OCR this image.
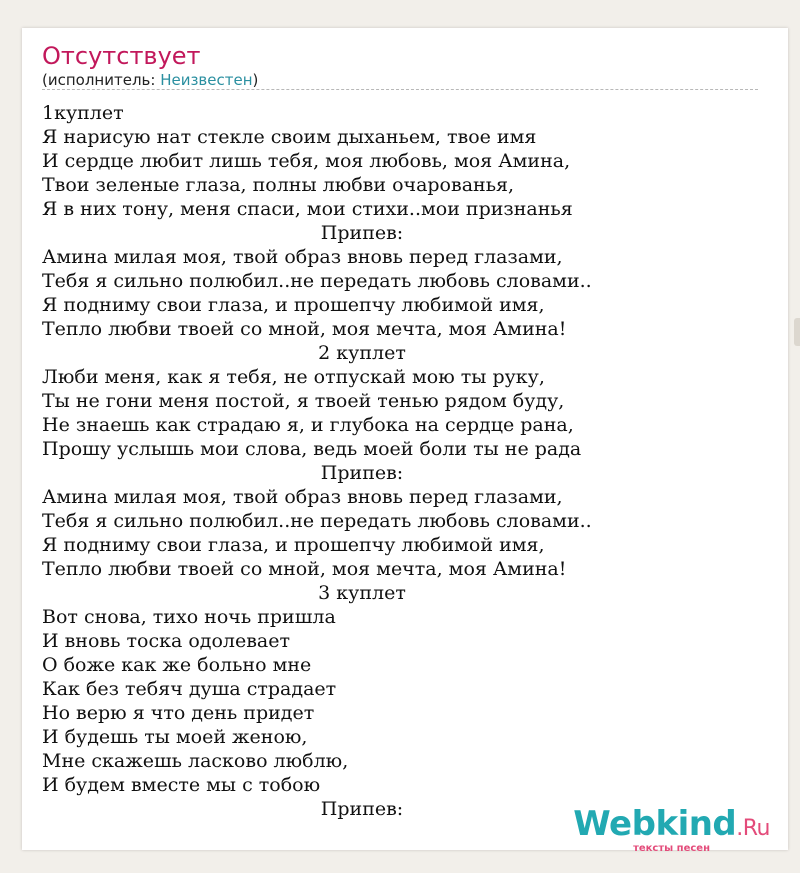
Отсутствует
(исполнитель: Неизвестен)
1куплет
Я нарисую нат стекле своим дыханьем, твое имя
И сердце любит лишь тебя, моя любовь, моя Амина,
Твои зеленые глаза, полны любви очарованья,
Я в них тону, меня спаси, мои стихи..мои признанья
Припев:
Амина милая моя, твой образ вновь перед глазами,
Тебя я сильно полюбил..не передать любовь словами..
Я подниму свои глаза, и прошепчу любимой имя,
Тепло любви твоей со мной, моя мечта, моя Амина!
2 куплет
Люби меня, как я тебя, не отпускай мою ты руку,
Ты не гони меня постой, я твоей тенью рядом буду,
Не знаешь как страдаю я, и глубока на сердце рана,
Прошу услышь мои слова, ведь моей боли ты не рада
Припев:
Амина милая моя, твой образ вновь перед глазами,
Тебя я сильно полюбил..не передать любовь словами..
Я подниму свои глаза, и прошепчу любимой имя,
Тепло любви твоей со мной, моя мечта, моя Амина!
3 куплет
Вот снова, тихо ночь пришла
И вновь тоска одолевает
О боже как же больно мне
Как без тебяч душа страдает
Но верю я что день придет
И будешь ты моей женою,
Мне скажешь ласково люблю,
И будем вместе мы с тобою
Припев:	Webkind.Ru
тексты песен
